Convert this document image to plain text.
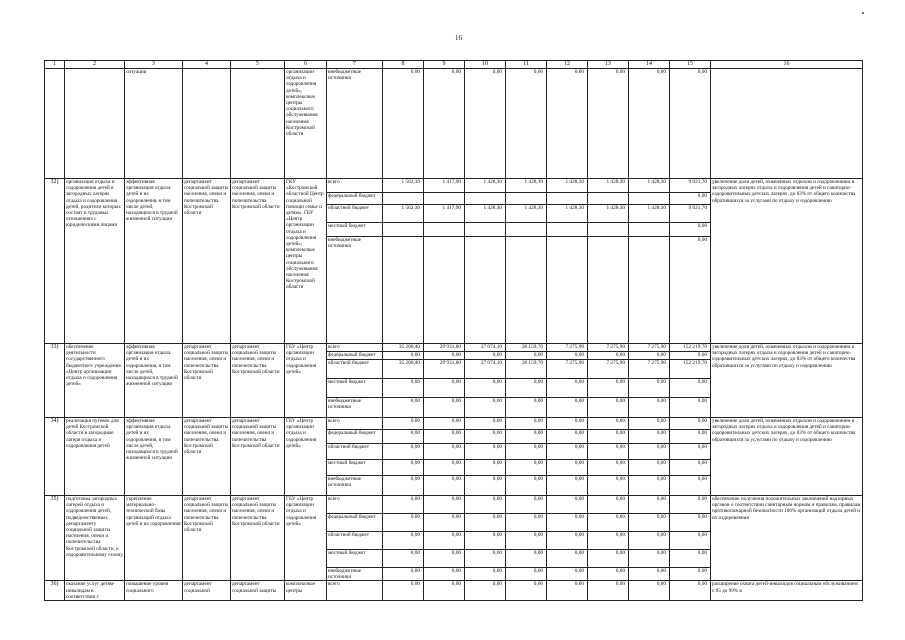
16
1	2	3	4	5	6	7	8	9	10	11	12	13	14	15	16
		ситуации			организации отдыха и оздоровления детей», комплексные центры социального обслуживания населения Костромской области	внебюджетные источники	0,00	0,00	0,00	0,00	0,00	0,00	0,00	0,00	
32)	организация отдыха и оздоровления детей в загородных лагерях отдыха и оздоровления детей, родители которых состоят в трудовых отношениях с юридическими лицами	эффективная организация отдыха детей и их оздоровления, в том числе детей, находящихся в трудной жизненной ситуации	департамент социальной защиты населения, опеки и попечительства Костромской области	департамент социальной защиты населения, опеки и попечительства Костромской области	ГКУ «Костромской областной Центр социальной помощи семье и детям», ГБУ «Центр организации отдыха и оздоровления детей», комплексные центры социального обслуживания населения Костромской области	всего	1 562,30	1 417,90	1 428,30	1 428,30	1 428,30	1 428,30	1 428,30	9 921,70	увеличение доли детей, охваченных отдыхом и оздоровлением в загородных лагерях отдыха и оздоровления детей и санаторно-оздоровительных детских лагерях, до 83% от общего количества обратившихся за услугами по отдыху и оздоровлению
						федеральный бюджет								0,00	
						областной бюджет	1 562,30	1 417,90	1 428,30	1 428,30	1 428,30	1 428,30	1 428,30	9 921,70	
						местный бюджет								0,00	
						внебюджетные источники								0,00	
33)	обеспечение деятельности государственного бюджетного учреждения «Центр организации отдыха и оздоровления детей»	эффективная организация отдыха детей и их оздоровления, в том числе детей, находящихся в трудной жизненной ситуации	департамент социальной защиты населения, опеки и попечительства Костромской области	департамент социальной защиты населения, опеки и попечительства Костромской области	ГБУ «Центр организации отдыха и оздоровления детей»	всего	35 206,40	29 931,80	27 074,10	28 159,70	7 275,90	7 275,90	7 275,90	152 219,70	увеличение доли детей, охваченных отдыхом и оздоровлением в загородных лагерях отдыха и оздоровления детей и санаторно-оздоровительных детских лагерях, до 83% от общего количества обратившихся за услугами по отдыху и оздоровлению
						федеральный бюджет	0,00	0,00	0,00	0,00	0,00	0,00	0,00	0,00	
						областной бюджет	35 206,40	29 931,80	27 074,10	28 159,70	7 275,90	7 275,90	7 275,90	152 219,70	
						местный бюджет	0,00	0,00	0,00	0,00	0,00	0,00	0,00	0,00	
						внебюджетные источники	0,00	0,00	0,00	0,00	0,00	0,00	0,00	0,00	
34)	реализация путевок для детей Костромской области в загородные лагеря отдыха и оздоровления детей	эффективная организация отдыха детей и их оздоровления, в том числе детей, находящихся в трудной жизненной ситуации	департамент социальной защиты населения, опеки и попечительства Костромской области	департамент социальной защиты населения, опеки и попечительства Костромской области	ГБУ «Центр организации отдыха и оздоровления детей»	всего	0,00	0,00	0,00	0,00	0,00	0,00	0,00	0,00	увеличение доли детей, охваченных отдыхом и оздоровлением в загородных лагерях отдыха и оздоровления детей и санаторно-оздоровительных детских лагерях, до 83% от общего количества обратившихся за услугами по отдыху и оздоровлению
						федеральный бюджет	0,00	0,00	0,00	0,00	0,00	0,00	0,00	0,00	
						областной бюджет	0,00	0,00	0,00	0,00	0,00	0,00	0,00	0,00	
						местный бюджет	0,00	0,00	0,00	0,00	0,00	0,00	0,00	0,00	
						внебюджетные источники	0,00	0,00	0,00	0,00	0,00	0,00	0,00	0,00	
35)	подготовка загородных лагерей отдыха и оздоровления детей, подведомственных департаменту социальной защиты населения, опеки и попечительства Костромской области, к оздоровительному сезону	укрепление материально-технической базы организаций отдыха детей и их оздоровления	департамент социальной защиты населения, опеки и попечительства Костромской области	департамент социальной защиты населения, опеки и попечительства Костромской области	ГБУ «Центр организации отдыха и оздоровления детей»	всего	0,00	0,00	0,00	0,00	0,00	0,00	0,00	0,00	обеспечение получения положительных заключений надзорных органов о соответствии санитарным нормам и правилам, правилам противопожарной безопасности 100% организаций отдыха детей и их оздоровления
						федеральный бюджет	0,00	0,00	0,00	0,00	0,00	0,00	0,00	0,00	
						областной бюджет	0,00	0,00	0,00	0,00	0,00	0,00	0,00	0,00	
						местный бюджет	0,00	0,00	0,00	0,00	0,00	0,00	0,00	0,00	
						внебюджетные источники	0,00	0,00	0,00	0,00	0,00	0,00	0,00	0,00	
36)	оказание услуг детям-инвалидам в соответствии с	повышение уровня социального	департамент социальной	департамент социальной защиты	комплексные центры	всего	0,00	0,00	0,00	0,00	0,00	0,00	0,00	0,00	расширение охвата детей-инвалидов социальным обслуживанием с 95 до 99% в
